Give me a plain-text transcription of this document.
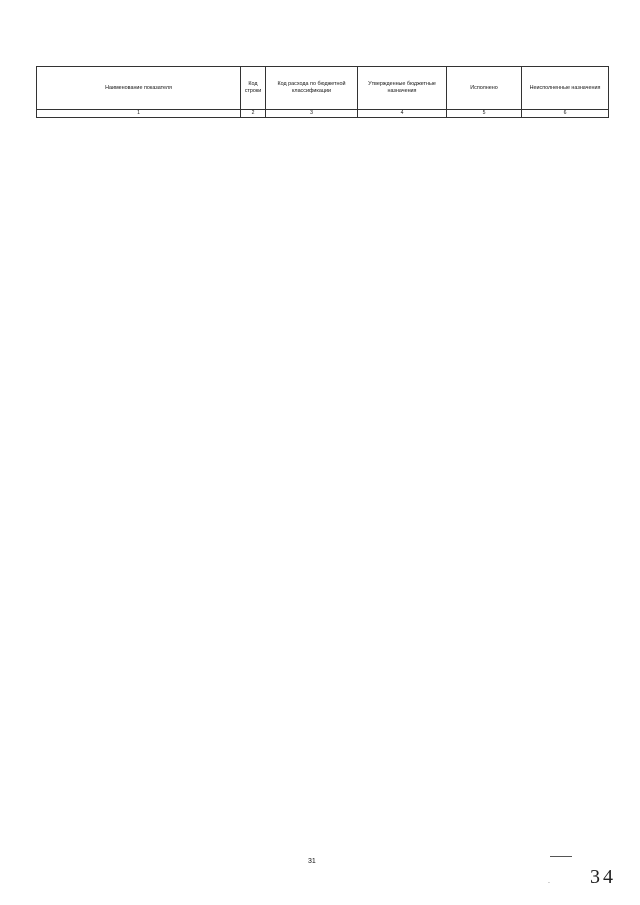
Наименование показателя	Код строки	Код расхода по бюджетной классификации	Утвержденные бюджетные назначения	Исполнено	Неисполненные назначения
1	2	3	4	5	6
31
. 34
